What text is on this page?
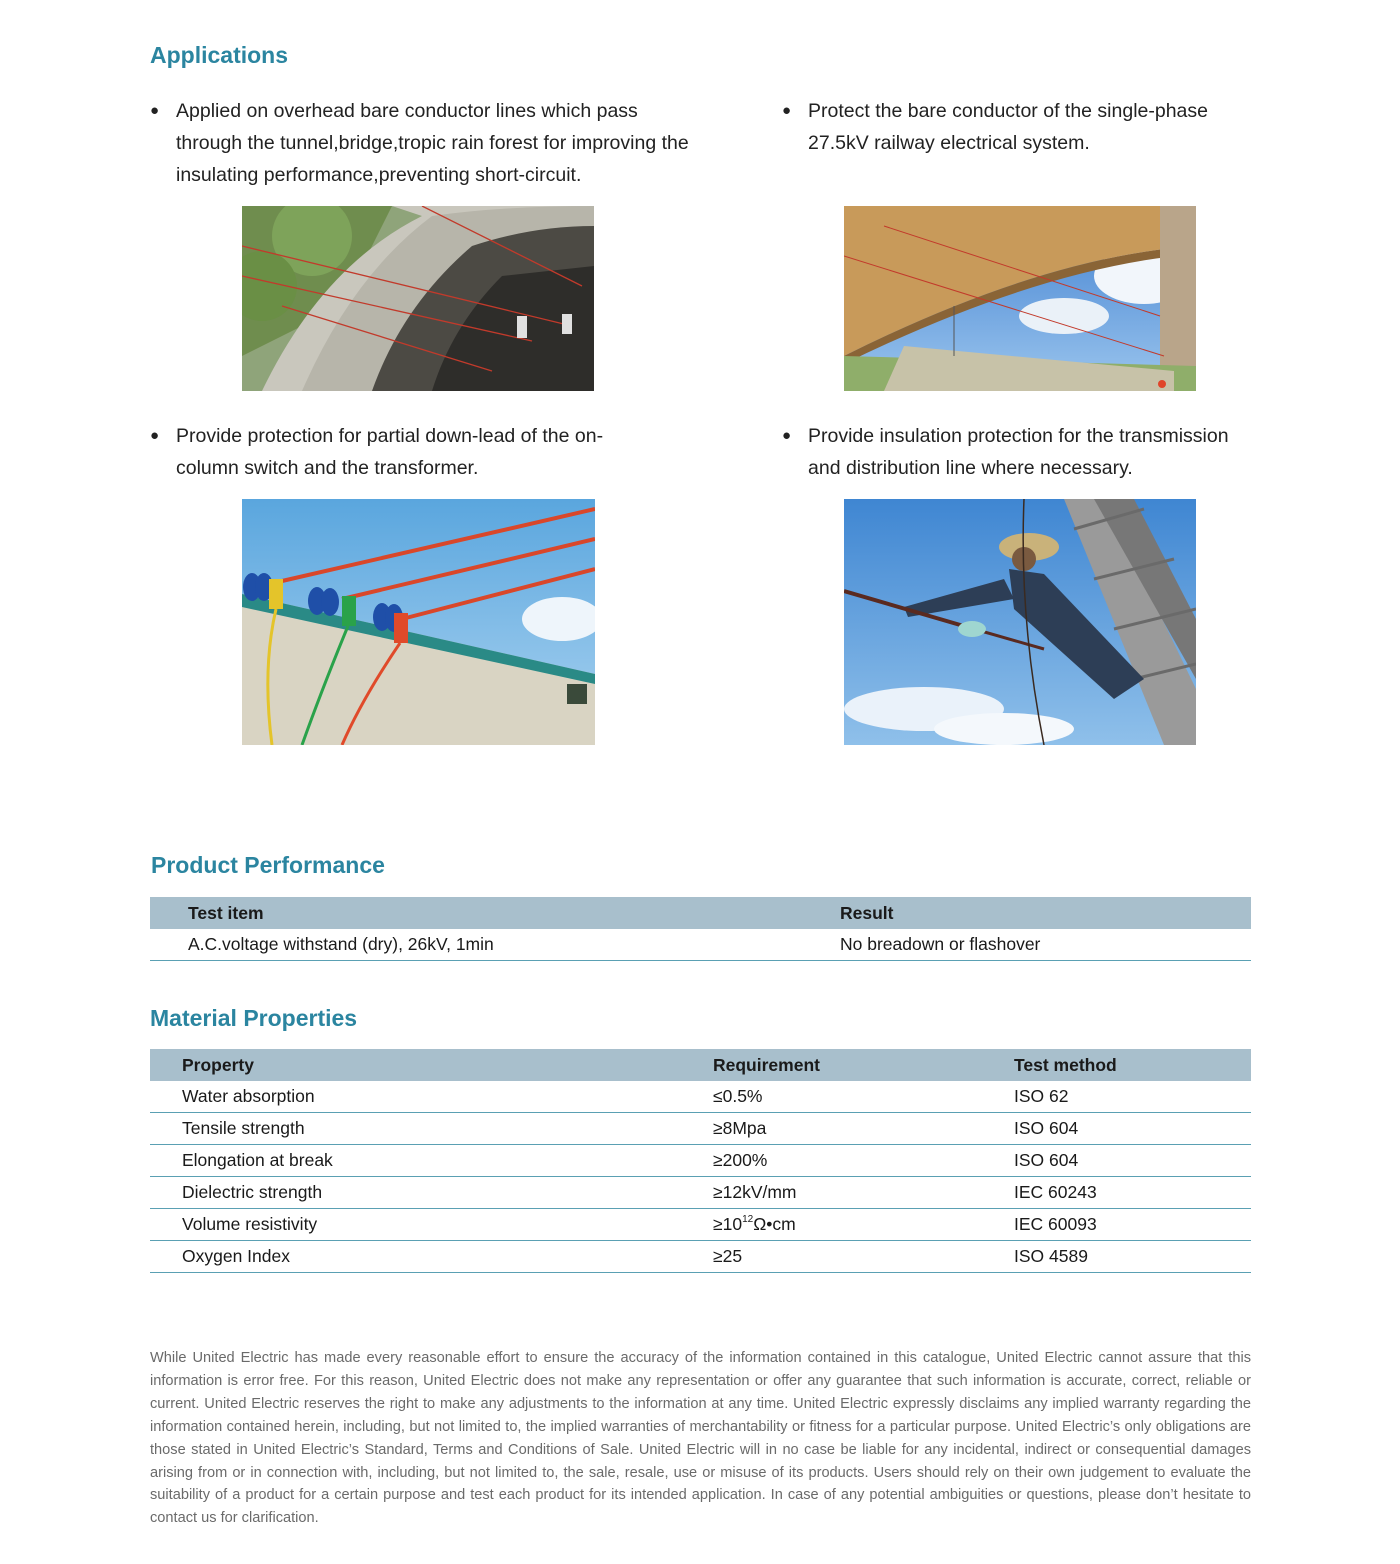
Applications
● Applied on overhead bare conductor lines which pass through the tunnel,bridge,tropic rain forest for improving the insulating performance,preventing short-circuit.
● Protect the bare conductor of the single-phase 27.5kV railway electrical system.
● Provide protection for partial down-lead of the on-column switch and the transformer.
● Provide insulation protection for the transmission and distribution line where necessary.
Product Performance
Test item	Result
A.C.voltage withstand (dry), 26kV, 1min	No breadown or flashover
Material Properties
Property	Requirement	Test method
Water absorption	≤0.5%	ISO 62
Tensile strength	≥8Mpa	ISO 604
Elongation at break	≥200%	ISO 604
Dielectric strength	≥12kV/mm	IEC 60243
Volume resistivity	$\ge 10^{12}\Omega•cm$	IEC 60093
Oxygen Index	≥25	ISO 4589

While United Electric has made every reasonable effort to ensure the accuracy of the information contained in this catalogue, United Electric cannot assure that this information is error free. For this reason, United Electric does not make any representation or offer any guarantee that such information is accurate, correct, reliable or current. United Electric reserves the right to make any adjustments to the information at any time. United Electric expressly disclaims any implied warranty regarding the information contained herein, including, but not limited to, the implied warranties of merchantability or fitness for a particular purpose. United Electric’s only obligations are those stated in United Electric’s Standard, Terms and Conditions of Sale. United Electric will in no case be liable for any incidental, indirect or consequential damages arising from or in connection with, including, but not limited to, the sale, resale, use or misuse of its products. Users should rely on their own judgement to evaluate the suitability of a product for a certain purpose and test each product for its intended application. In case of any potential ambiguities or questions, please don’t hesitate to contact us for clarification.
